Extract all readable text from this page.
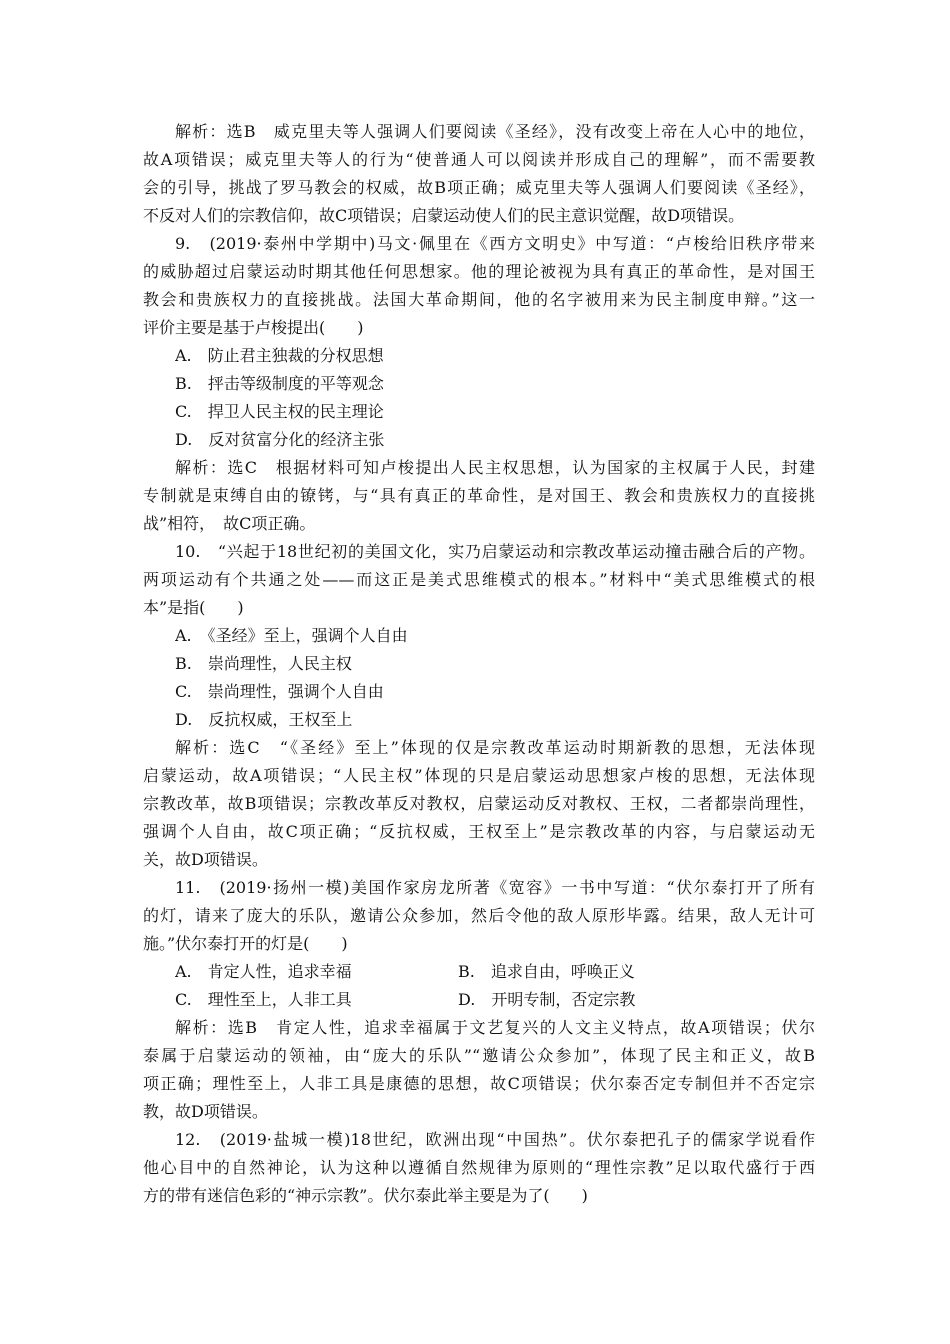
解析：选B　威克里夫等人强调人们要阅读《圣经》，没有改变上帝在人心中的地位，
故A项错误；威克里夫等人的行为“使普通人可以阅读并形成自己的理解”，而不需要教
会的引导，挑战了罗马教会的权威，故B项正确；威克里夫等人强调人们要阅读《圣经》，
不反对人们的宗教信仰，故C项错误；启蒙运动使人们的民主意识觉醒，故D项错误。
9.　(2019·泰州中学期中)马文·佩里在《西方文明史》中写道：“卢梭给旧秩序带来
的威胁超过启蒙运动时期其他任何思想家。他的理论被视为具有真正的革命性，是对国王
教会和贵族权力的直接挑战。法国大革命期间，他的名字被用来为民主制度申辩。”这一
评价主要是基于卢梭提出(　　)
A.　防止君主独裁的分权思想
B.　抨击等级制度的平等观念
C.　捍卫人民主权的民主理论
D.　反对贫富分化的经济主张
解析：选C　根据材料可知卢梭提出人民主权思想，认为国家的主权属于人民，封建
专制就是束缚自由的镣铐，与“具有真正的革命性，是对国王、教会和贵族权力的直接挑
战”相符，　故C项正确。
10.　“兴起于18世纪初的美国文化，实乃启蒙运动和宗教改革运动撞击融合后的产物。
两项运动有个共通之处——而这正是美式思维模式的根本。”材料中“美式思维模式的根
本”是指(　　)
A.　《圣经》至上，强调个人自由
B.　崇尚理性，人民主权
C.　崇尚理性，强调个人自由
D.　反抗权威，王权至上
解析：选C　“《圣经》至上”体现的仅是宗教改革运动时期新教的思想，无法体现
启蒙运动，故A项错误；“人民主权”体现的只是启蒙运动思想家卢梭的思想，无法体现
宗教改革，故B项错误；宗教改革反对教权，启蒙运动反对教权、王权，二者都崇尚理性，
强调个人自由，故C项正确；“反抗权威，王权至上”是宗教改革的内容，与启蒙运动无
关，故D项错误。
11.　(2019·扬州一模)美国作家房龙所著《宽容》一书中写道：“伏尔泰打开了所有
的灯，请来了庞大的乐队，邀请公众参加，然后令他的敌人原形毕露。结果，敌人无计可
施。”伏尔泰打开的灯是(　　)
A.　肯定人性，追求幸福	B.　追求自由，呼唤正义
C.　理性至上，人非工具	D.　开明专制，否定宗教
解析：选B　肯定人性，追求幸福属于文艺复兴的人文主义特点，故A项错误；伏尔
泰属于启蒙运动的领袖，由“庞大的乐队”“邀请公众参加”，体现了民主和正义，故B
项正确；理性至上，人非工具是康德的思想，故C项错误；伏尔泰否定专制但并不否定宗
教，故D项错误。
12.　(2019·盐城一模)18世纪，欧洲出现“中国热”。伏尔泰把孔子的儒家学说看作
他心目中的自然神论，认为这种以遵循自然规律为原则的“理性宗教”足以取代盛行于西
方的带有迷信色彩的“神示宗教”。伏尔泰此举主要是为了(　　)
